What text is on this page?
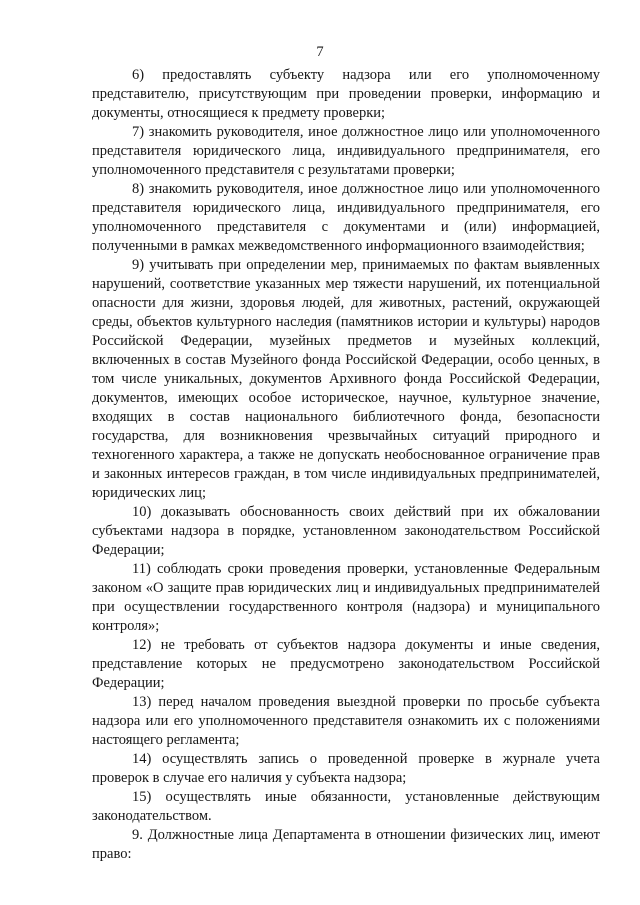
7

6) предоставлять субъекту надзора или его уполномоченному представителю, присутствующим при проведении проверки, информацию и документы, относящиеся к предмету проверки;

7) знакомить руководителя, иное должностное лицо или уполномоченного представителя юридического лица, индивидуального предпринимателя, его уполномоченного представителя с результатами проверки;

8) знакомить руководителя, иное должностное лицо или уполномоченного представителя юридического лица, индивидуального предпринимателя, его уполномоченного представителя с документами и (или) информацией, полученными в рамках межведомственного информационного взаимодействия;

9) учитывать при определении мер, принимаемых по фактам выявленных нарушений, соответствие указанных мер тяжести нарушений, их потенциальной опасности для жизни, здоровья людей, для животных, растений, окружающей среды, объектов культурного наследия (памятников истории и культуры) народов Российской Федерации, музейных предметов и музейных коллекций, включенных в состав Музейного фонда Российской Федерации, особо ценных, в том числе уникальных, документов Архивного фонда Российской Федерации, документов, имеющих особое историческое, научное, культурное значение, входящих в состав национального библиотечного фонда, безопасности государства, для возникновения чрезвычайных ситуаций природного и техногенного характера, а также не допускать необоснованное ограничение прав и законных интересов граждан, в том числе индивидуальных предпринимателей, юридических лиц;

10) доказывать обоснованность своих действий при их обжаловании субъектами надзора в порядке, установленном законодательством Российской Федерации;

11) соблюдать сроки проведения проверки, установленные Федеральным законом «О защите прав юридических лиц и индивидуальных предпринимателей при осуществлении государственного контроля (надзора) и муниципального контроля»;

12) не требовать от субъектов надзора документы и иные сведения, представление которых не предусмотрено законодательством Российской Федерации;

13) перед началом проведения выездной проверки по просьбе субъекта надзора или его уполномоченного представителя ознакомить их с положениями настоящего регламента;

14) осуществлять запись о проведенной проверке в журнале учета проверок в случае его наличия у субъекта надзора;

15) осуществлять иные обязанности, установленные действующим законодательством.

9. Должностные лица Департамента в отношении физических лиц, имеют право:
